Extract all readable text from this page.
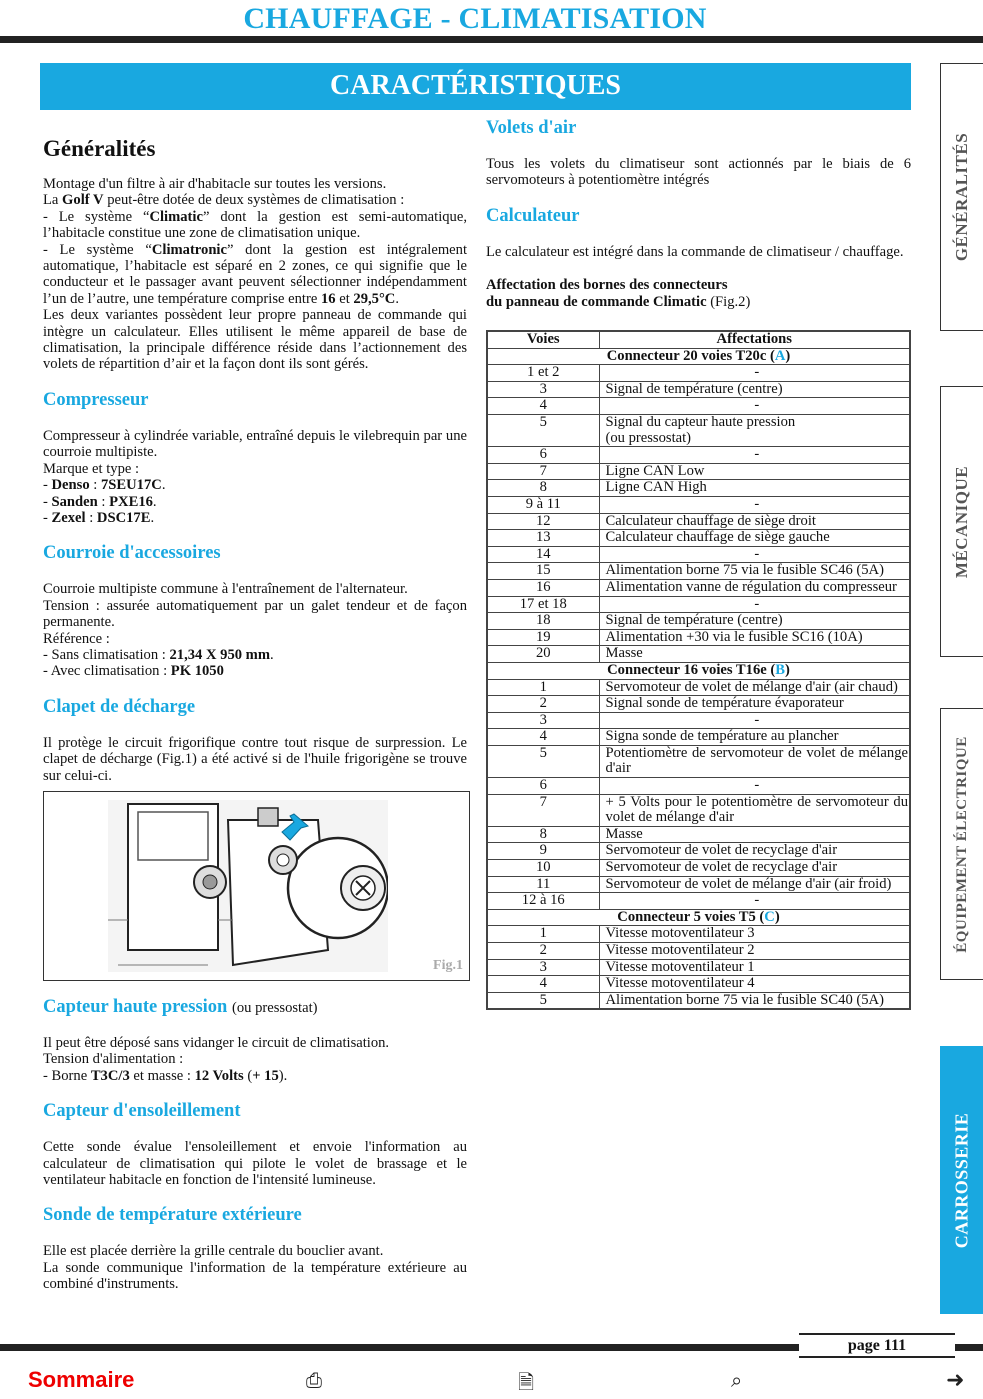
CHAUFFAGE - CLIMATISATION
CARACTÉRISTIQUES
GÉNÉRALITÉS
MÉCANIQUE
ÉQUIPEMENT ÉLECTRIQUE
CARROSSERIE
Généralités

Montage d'un filtre à air d'habitacle sur toutes les versions.
La Golf V peut-être dotée de deux systèmes de climatisation :
- Le système “Climatic” dont la gestion est semi-automatique, l’habitacle constitue une zone de climatisation unique.
- Le système “Climatronic” dont la gestion est intégralement automatique, l’habitacle est séparé en 2 zones, ce qui signifie que le conducteur et le passager avant peuvent sélectionner indépendamment l’un de l’autre, une température comprise entre 16 et 29,5°C.
Les deux variantes possèdent leur propre panneau de commande qui intègre un calculateur. Elles utilisent le même appareil de base de climatisation, la principale différence réside dans l’actionnement des volets de répartition d’air et la façon dont ils sont gérés.

Compresseur

Compresseur à cylindrée variable, entraîné depuis le vilebrequin par une courroie multipiste.
Marque et type :
- Denso : 7SEU17C.
- Sanden : PXE16.
- Zexel : DSC17E.

Courroie d'accessoires

Courroie multipiste commune à l'entraînement de l'alternateur.
Tension : assurée automatiquement par un galet tendeur et de façon permanente.
Référence :
- Sans climatisation : 21,34 X 950 mm.
- Avec climatisation : PK 1050

Clapet de décharge

Il protège le circuit frigorifique contre tout risque de surpression. Le clapet de décharge (Fig.1) a été activé si de l'huile frigorigène se trouve sur celui-ci.

Fig.1
Capteur haute pression (ou pressostat)

Il peut être déposé sans vidanger le circuit de climatisation.
Tension d'alimentation :
- Borne T3C/3 et masse : 12 Volts (+ 15).

Capteur d'ensoleillement

Cette sonde évalue l'ensoleillement et envoie l'information au calculateur de climatisation qui pilote le volet de brassage et le ventilateur habitacle en fonction de l'intensité lumineuse.

Sonde de température extérieure

Elle est placée derrière la grille centrale du bouclier avant.
La sonde communique l'information de la température extérieure au combiné d'instruments.

Volets d'air

Tous les volets du climatiseur sont actionnés par le biais de 6 servomoteurs à potentiomètre intégrés

Calculateur

Le calculateur est intégré dans la commande de climatiseur / chauffage.

Affectation des bornes des connecteurs
du panneau de commande Climatic (Fig.2)

Voies	Affectations
Connecteur 20 voies T20c (A)	
1 et 2	-
3	Signal de température (centre)
4	-
5	Signal du capteur haute pression
(ou pressostat)
6	-
7	Ligne CAN Low
8	Ligne CAN High
9 à 11	-
12	Calculateur chauffage de siège droit
13	Calculateur chauffage de siège gauche
14	-
15	Alimentation borne 75 via le fusible SC46 (5A)
16	Alimentation vanne de régulation du compresseur
17 et 18	-
18	Signal de température (centre)
19	Alimentation +30 via le fusible SC16 (10A)
20	Masse
Connecteur 16 voies T16e (B)	
1	Servomoteur de volet de mélange d'air (air chaud)
2	Signal sonde de température évaporateur
3	-
4	Signa sonde de température au plancher
5	Potentiomètre de servomoteur de volet de mélange d'air
6	-
7	+ 5 Volts pour le potentiomètre de servomoteur du volet de mélange d'air
8	Masse
9	Servomoteur de volet de recyclage d'air
10	Servomoteur de volet de recyclage d'air
11	Servomoteur de volet de mélange d'air (air froid)
12 à 16	-
Connecteur 5 voies T5 (C)	
1	Vitesse motoventilateur 3
2	Vitesse motoventilateur 2
3	Vitesse motoventilateur 1
4	Vitesse motoventilateur 4
5	Alimentation borne 75 via le fusible SC40 (5A)
page 111
Sommaire	⎙	🗎	⌕	➜
